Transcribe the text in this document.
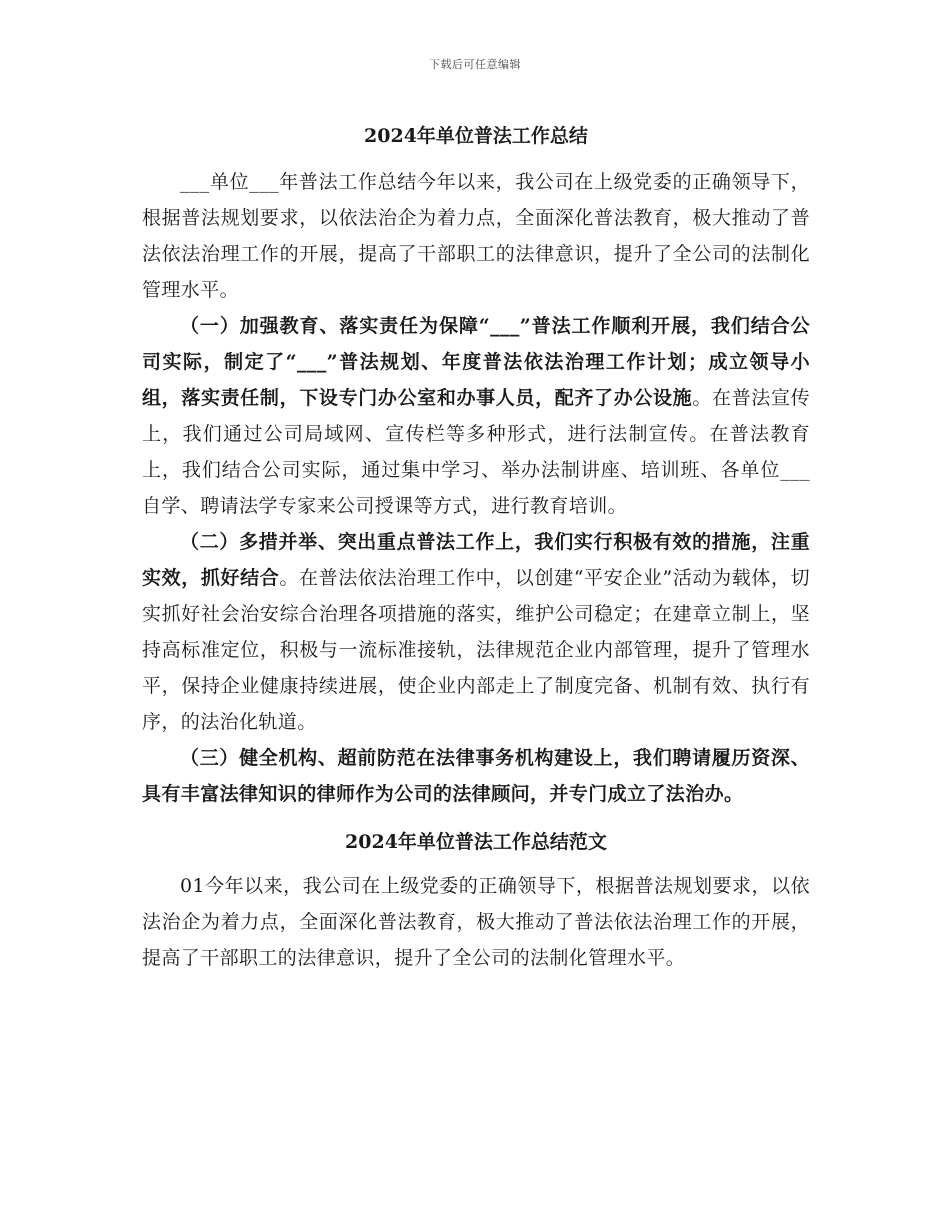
下载后可任意编辑
2024年单位普法工作总结

___单位___年普法工作总结今年以来，我公司在上级党委的正确领导下，根据普法规划要求，以依法治企为着力点，全面深化普法教育，极大推动了普法依法治理工作的开展，提高了干部职工的法律意识，提升了全公司的法制化管理水平。

（一）加强教育、落实责任为保障“___”普法工作顺利开展，我们结合公司实际，制定了“___”普法规划、年度普法依法治理工作计划；成立领导小组，落实责任制，下设专门办公室和办事人员，配齐了办公设施。在普法宣传上，我们通过公司局域网、宣传栏等多种形式，进行法制宣传。在普法教育上，我们结合公司实际，通过集中学习、举办法制讲座、培训班、各单位___自学、聘请法学专家来公司授课等方式，进行教育培训。

（二）多措并举、突出重点普法工作上，我们实行积极有效的措施，注重实效，抓好结合。在普法依法治理工作中，以创建“平安企业”活动为载体，切实抓好社会治安综合治理各项措施的落实，维护公司稳定；在建章立制上，坚持高标准定位，积极与一流标准接轨，法律规范企业内部管理，提升了管理水平，保持企业健康持续进展，使企业内部走上了制度完备、机制有效、执行有序，的法治化轨道。

（三）健全机构、超前防范在法律事务机构建设上，我们聘请履历资深、具有丰富法律知识的律师作为公司的法律顾问，并专门成立了法治办。

2024年单位普法工作总结范文

01今年以来，我公司在上级党委的正确领导下，根据普法规划要求，以依法治企为着力点，全面深化普法教育，极大推动了普法依法治理工作的开展，提高了干部职工的法律意识，提升了全公司的法制化管理水平。
